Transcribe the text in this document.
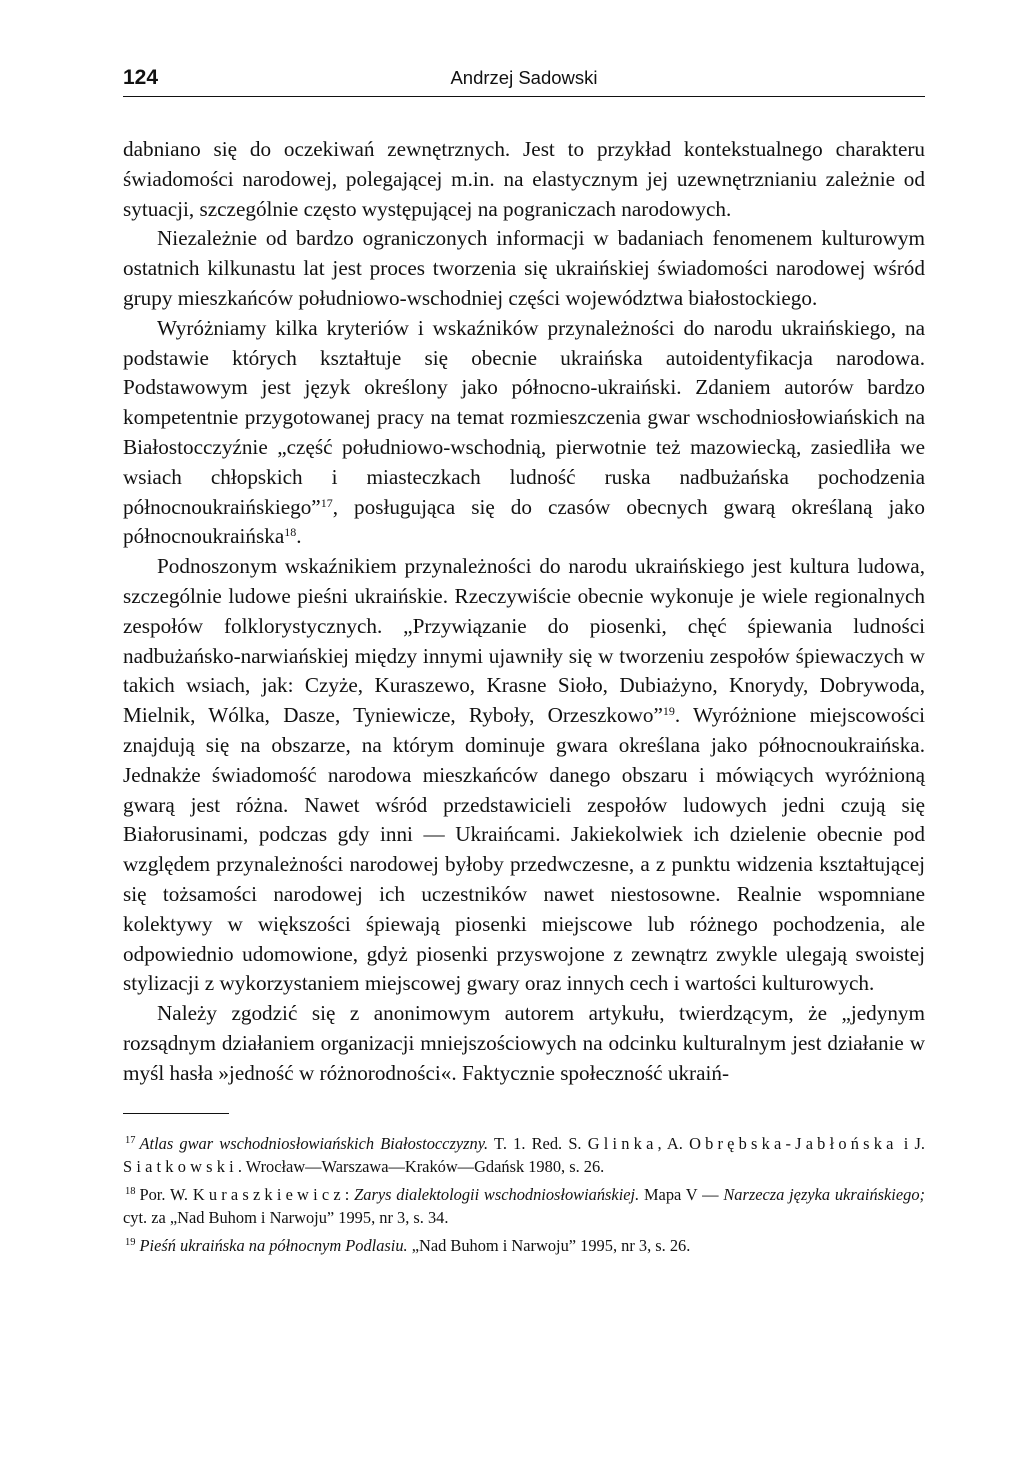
124	Andrzej Sadowski

dabniano się do oczekiwań zewnętrznych. Jest to przykład kontekstualnego charakteru świadomości narodowej, polegającej m.in. na elastycznym jej uzewnętrznianiu zależnie od sytuacji, szczególnie często występującej na pograniczach narodowych.

Niezależnie od bardzo ograniczonych informacji w badaniach fenomenem kulturowym ostatnich kilkunastu lat jest proces tworzenia się ukraińskiej świadomości narodowej wśród grupy mieszkańców południowo-wschodniej części województwa białostockiego.

Wyróżniamy kilka kryteriów i wskaźników przynależności do narodu ukraińskiego, na podstawie których kształtuje się obecnie ukraińska autoidentyfikacja narodowa. Podstawowym jest język określony jako północno-ukraiński. Zdaniem autorów bardzo kompetentnie przygotowanej pracy na temat rozmieszczenia gwar wschodniosłowiańskich na Białostocczyźnie „część południowo-wschodnią, pierwotnie też mazowiecką, zasiedliła we wsiach chłopskich i miasteczkach ludność ruska nadbużańska pochodzenia północnoukraińskiego”$^{17}$, posługująca się do czasów obecnych gwarą określaną jako północnoukraińska$^{18}$.

Podnoszonym wskaźnikiem przynależności do narodu ukraińskiego jest kultura ludowa, szczególnie ludowe pieśni ukraińskie. Rzeczywiście obecnie wykonuje je wiele regionalnych zespołów folklorystycznych. „Przywiązanie do piosenki, chęć śpiewania ludności nadbużańsko-narwiańskiej między innymi ujawniły się w tworzeniu zespołów śpiewaczych w takich wsiach, jak: Czyże, Kuraszewo, Krasne Sioło, Dubiażyno, Knorydy, Dobrywoda, Mielnik, Wólka, Dasze, Tyniewicze, Ryboły, Orzeszkowo”$^{19}$. Wyróżnione miejscowości znajdują się na obszarze, na którym dominuje gwara określana jako północnoukraińska. Jednakże świadomość narodowa mieszkańców danego obszaru i mówiących wyróżnioną gwarą jest różna. Nawet wśród przedstawicieli zespołów ludowych jedni czują się Białorusinami, podczas gdy inni — Ukraińcami. Jakiekolwiek ich dzielenie obecnie pod względem przynależności narodowej byłoby przedwczesne, a z punktu widzenia kształtującej się tożsamości narodowej ich uczestników nawet niestosowne. Realnie wspomniane kolektywy w większości śpiewają piosenki miejscowe lub różnego pochodzenia, ale odpowiednio udomowione, gdyż piosenki przyswojone z zewnątrz zwykle ulegają swoistej stylizacji z wykorzystaniem miejscowej gwary oraz innych cech i wartości kulturowych.

Należy zgodzić się z anonimowym autorem artykułu, twierdzącym, że „jedynym rozsądnym działaniem organizacji mniejszościowych na odcinku kulturalnym jest działanie w myśl hasła »jedność w różnorodności«. Faktycznie społeczność ukraiń-

$^{17}$ Atlas gwar wschodniosłowiańskich Białostocczyzny. T. 1. Red. S. Glinka, A. Obrębska-Jabłońska i J. Siatkowski. Wrocław—Warszawa—Kraków—Gdańsk 1980, s. 26.

$^{18}$ Por. W. Kuraszkiewicz: Zarys dialektologii wschodniosłowiańskiej. Mapa V — Narzecza języka ukraińskiego; cyt. za „Nad Buhom i Narwoju” 1995, nr 3, s. 34.

$^{19}$ Pieśń ukraińska na północnym Podlasiu. „Nad Buhom i Narwoju” 1995, nr 3, s. 26.
